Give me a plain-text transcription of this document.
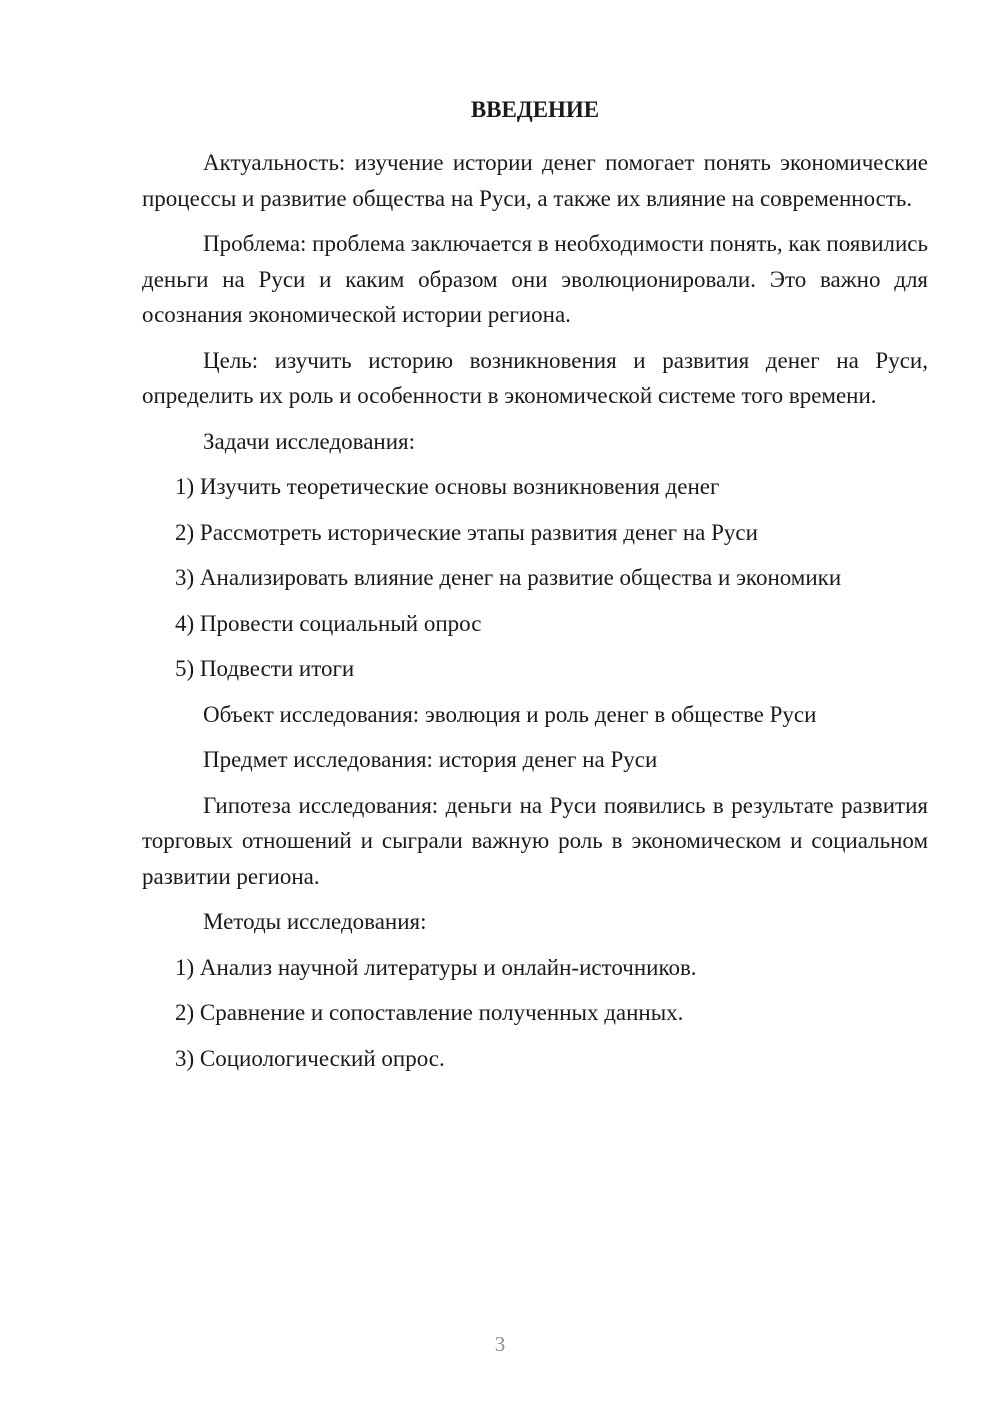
ВВЕДЕНИЕ
Актуальность: изучение истории денег помогает понять экономические процессы и развитие общества на Руси, а также их влияние на современность.
Проблема: проблема заключается в необходимости понять, как появились деньги на Руси и каким образом они эволюционировали. Это важно для осознания экономической истории региона.
Цель: изучить историю возникновения и развития денег на Руси, определить их роль и особенности в экономической системе того времени.
Задачи исследования:
1) Изучить теоретические основы возникновения денег
2) Рассмотреть исторические этапы развития денег на Руси
3) Анализировать влияние денег на развитие общества и экономики
4) Провести социальный опрос
5) Подвести итоги
Объект исследования: эволюция и роль денег в обществе Руси
Предмет исследования: история денег на Руси
Гипотеза исследования: деньги на Руси появились в результате развития торговых отношений и сыграли важную роль в экономическом и социальном развитии региона.
Методы исследования:
1) Анализ научной литературы и онлайн-источников.
2) Сравнение и сопоставление полученных данных.
3) Социологический опрос.
3
